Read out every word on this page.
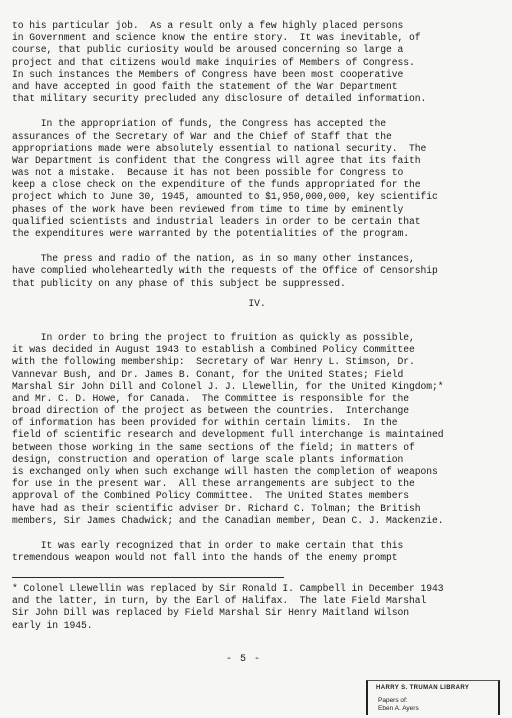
to his particular job.  As a result only a few highly placed persons
in Government and science know the entire story.  It was inevitable, of
course, that public curiosity would be aroused concerning so large a
project and that citizens would make inquiries of Members of Congress.
In such instances the Members of Congress have been most cooperative
and have accepted in good faith the statement of the War Department
that military security precluded any disclosure of detailed information.
In the appropriation of funds, the Congress has accepted the
assurances of the Secretary of War and the Chief of Staff that the
appropriations made were absolutely essential to national security.  The
War Department is confident that the Congress will agree that its faith
was not a mistake.  Because it has not been possible for Congress to
keep a close check on the expenditure of the funds appropriated for the
project which to June 30, 1945, amounted to $1,950,000,000, key scientific
phases of the work have been reviewed from time to time by eminently
qualified scientists and industrial leaders in order to be certain that
the expenditures were warranted by the potentialities of the program.
The press and radio of the nation, as in so many other instances,
have complied wholeheartedly with the requests of the Office of Censorship
that publicity on any phase of this subject be suppressed.
IV.
In order to bring the project to fruition as quickly as possible,
it was decided in August 1943 to establish a Combined Policy Committee
with the following membership:  Secretary of War Henry L. Stimson, Dr.
Vannevar Bush, and Dr. James B. Conant, for the United States; Field
Marshal Sir John Dill and Colonel J. J. Llewellin, for the United Kingdom;*
and Mr. C. D. Howe, for Canada.  The Committee is responsible for the
broad direction of the project as between the countries.  Interchange
of information has been provided for within certain limits.  In the
field of scientific research and development full interchange is maintained
between those working in the same sections of the field; in matters of
design, construction and operation of large scale plants information
is exchanged only when such exchange will hasten the completion of weapons
for use in the present war.  All these arrangements are subject to the
approval of the Combined Policy Committee.  The United States members
have had as their scientific adviser Dr. Richard C. Tolman; the British
members, Sir James Chadwick; and the Canadian member, Dean C. J. Mackenzie.
It was early recognized that in order to make certain that this
tremendous weapon would not fall into the hands of the enemy prompt
* Colonel Llewellin was replaced by Sir Ronald I. Campbell in December 1943
and the latter, in turn, by the Earl of Halifax.  The late Field Marshal
Sir John Dill was replaced by Field Marshal Sir Henry Maitland Wilson
early in 1945.
- 5 -
HARRY S. TRUMAN LIBRARY
Papers of:
Eben A. Ayers
